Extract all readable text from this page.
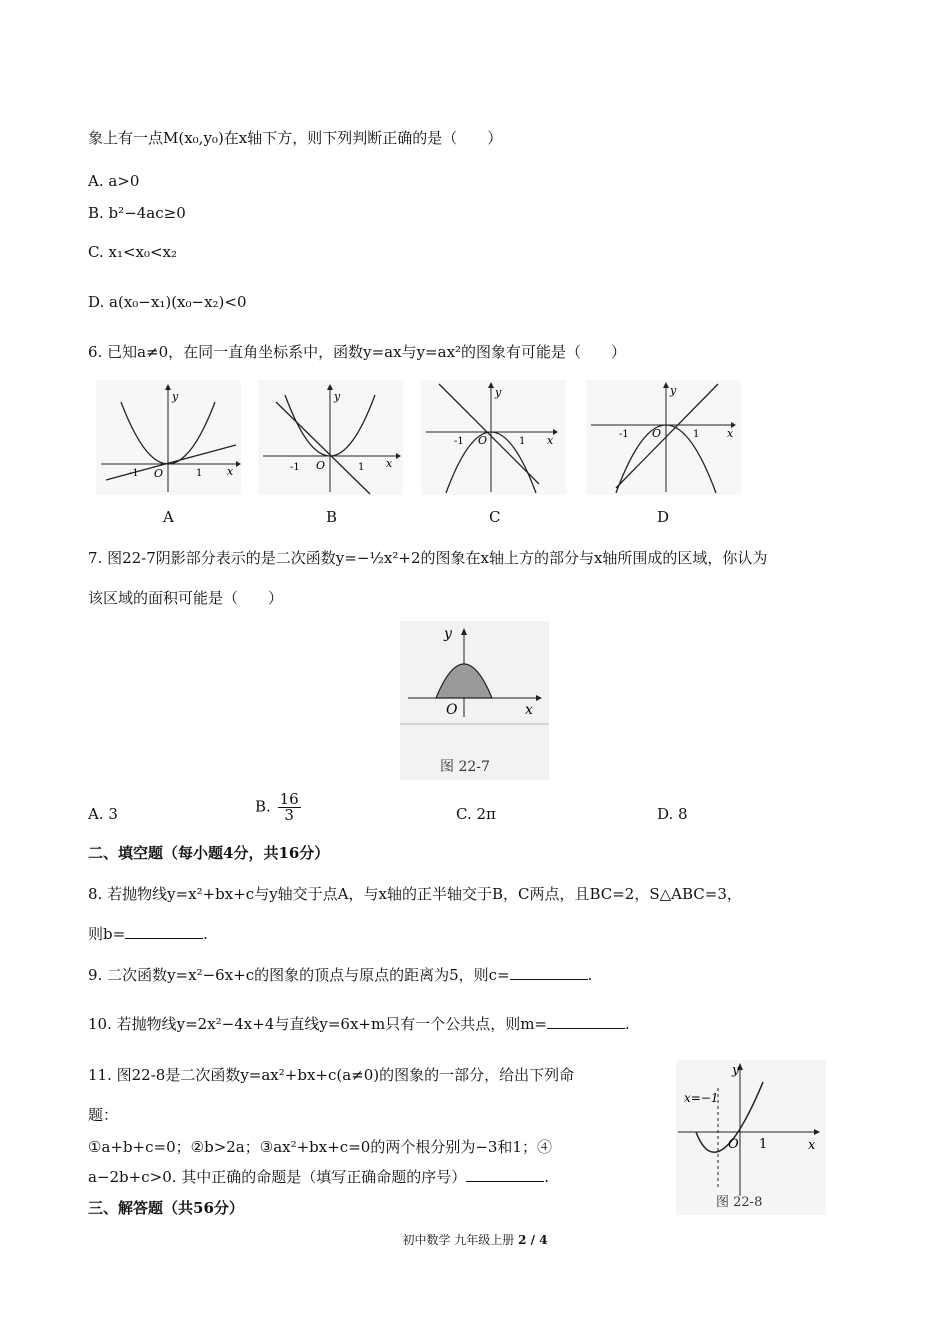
象上有一点M(x₀,y₀)在x轴下方，则下列判断正确的是（　　）
A. a>0
B. b²−4ac≥0
C. x₁<x₀<x₂
D. a(x₀−x₁)(x₀−x₂)<0
6. 已知a≠0，在同一直角坐标系中，函数y=ax与y=ax²的图象有可能是（　　）
y
x
O
-1	1
y
x
O
-1	1
y
x
O
-1	1
y
x
O
-1	1
A	B	C	D
7. 图22-7阴影部分表示的是二次函数y=−½x²+2的图象在x轴上方的部分与x轴所围成的区域，你认为
该区域的面积可能是（　　）
y
x
O
图 22-7
A. 3	B. $\frac{16}{3}$	C. 2π	D. 8
二、填空题（每小题4分，共16分）
8. 若抛物线y=x²+bx+c与y轴交于点A，与x轴的正半轴交于B，C两点，且BC=2，S△ABC=3，
则b=	.
9. 二次函数y=x²−6x+c的图象的顶点与原点的距离为5，则c=	.
10. 若抛物线y=2x²−4x+4与直线y=6x+m只有一个公共点，则m=	.
11. 图22-8是二次函数y=ax²+bx+c(a≠0)的图象的一部分，给出下列命
题：
①a+b+c=0；②b>2a；③ax²+bx+c=0的两个根分别为−3和1；④
a−2b+c>0. 其中正确的命题是（填写正确命题的序号）	.
y
x
O 1
x=−1
图 22-8
三、解答题（共56分）
初中数学 九年级上册 2 / 4
